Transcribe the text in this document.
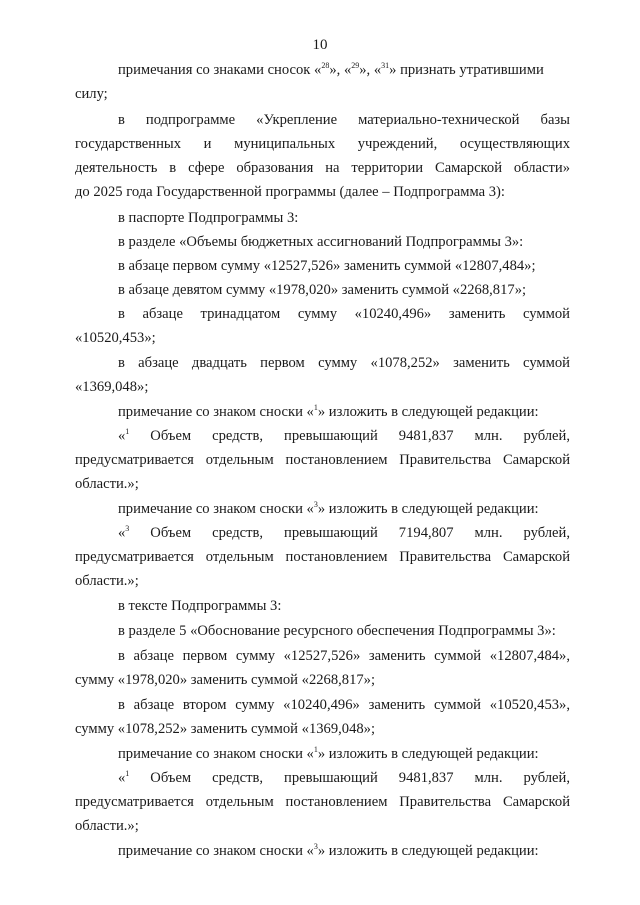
10
примечания со знаками сносок «$^{28}$», «$^{29}$», «$^{31}$» признать утратившими
силу;
в подпрограмме «Укрепление материально-технической базы
государственных и муниципальных учреждений, осуществляющих
деятельность в сфере образования на территории Самарской области»
до 2025 года Государственной программы (далее – Подпрограмма 3):
в паспорте Подпрограммы 3:
в разделе «Объемы бюджетных ассигнований Подпрограммы 3»:
в абзаце первом сумму «12527,526» заменить суммой «12807,484»;
в абзаце девятом сумму «1978,020» заменить суммой «2268,817»;
в абзаце тринадцатом сумму «10240,496» заменить суммой
«10520,453»;
в абзаце двадцать первом сумму «1078,252» заменить суммой
«1369,048»;
примечание со знаком сноски «$^1$» изложить в следующей редакции:
«$^1$ Объем средств, превышающий 9481,837 млн. рублей,
предусматривается отдельным постановлением Правительства Самарской
области.»;
примечание со знаком сноски «$^3$» изложить в следующей редакции:
«$^3$ Объем средств, превышающий 7194,807 млн. рублей,
предусматривается отдельным постановлением Правительства Самарской
области.»;
в тексте Подпрограммы 3:
в разделе 5 «Обоснование ресурсного обеспечения Подпрограммы 3»:
в абзаце первом сумму «12527,526» заменить суммой «12807,484»,
сумму «1978,020» заменить суммой «2268,817»;
в абзаце втором сумму «10240,496» заменить суммой «10520,453»,
сумму «1078,252» заменить суммой «1369,048»;
примечание со знаком сноски «$^1$» изложить в следующей редакции:
«$^1$ Объем средств, превышающий 9481,837 млн. рублей,
предусматривается отдельным постановлением Правительства Самарской
области.»;
примечание со знаком сноски «$^3$» изложить в следующей редакции:
